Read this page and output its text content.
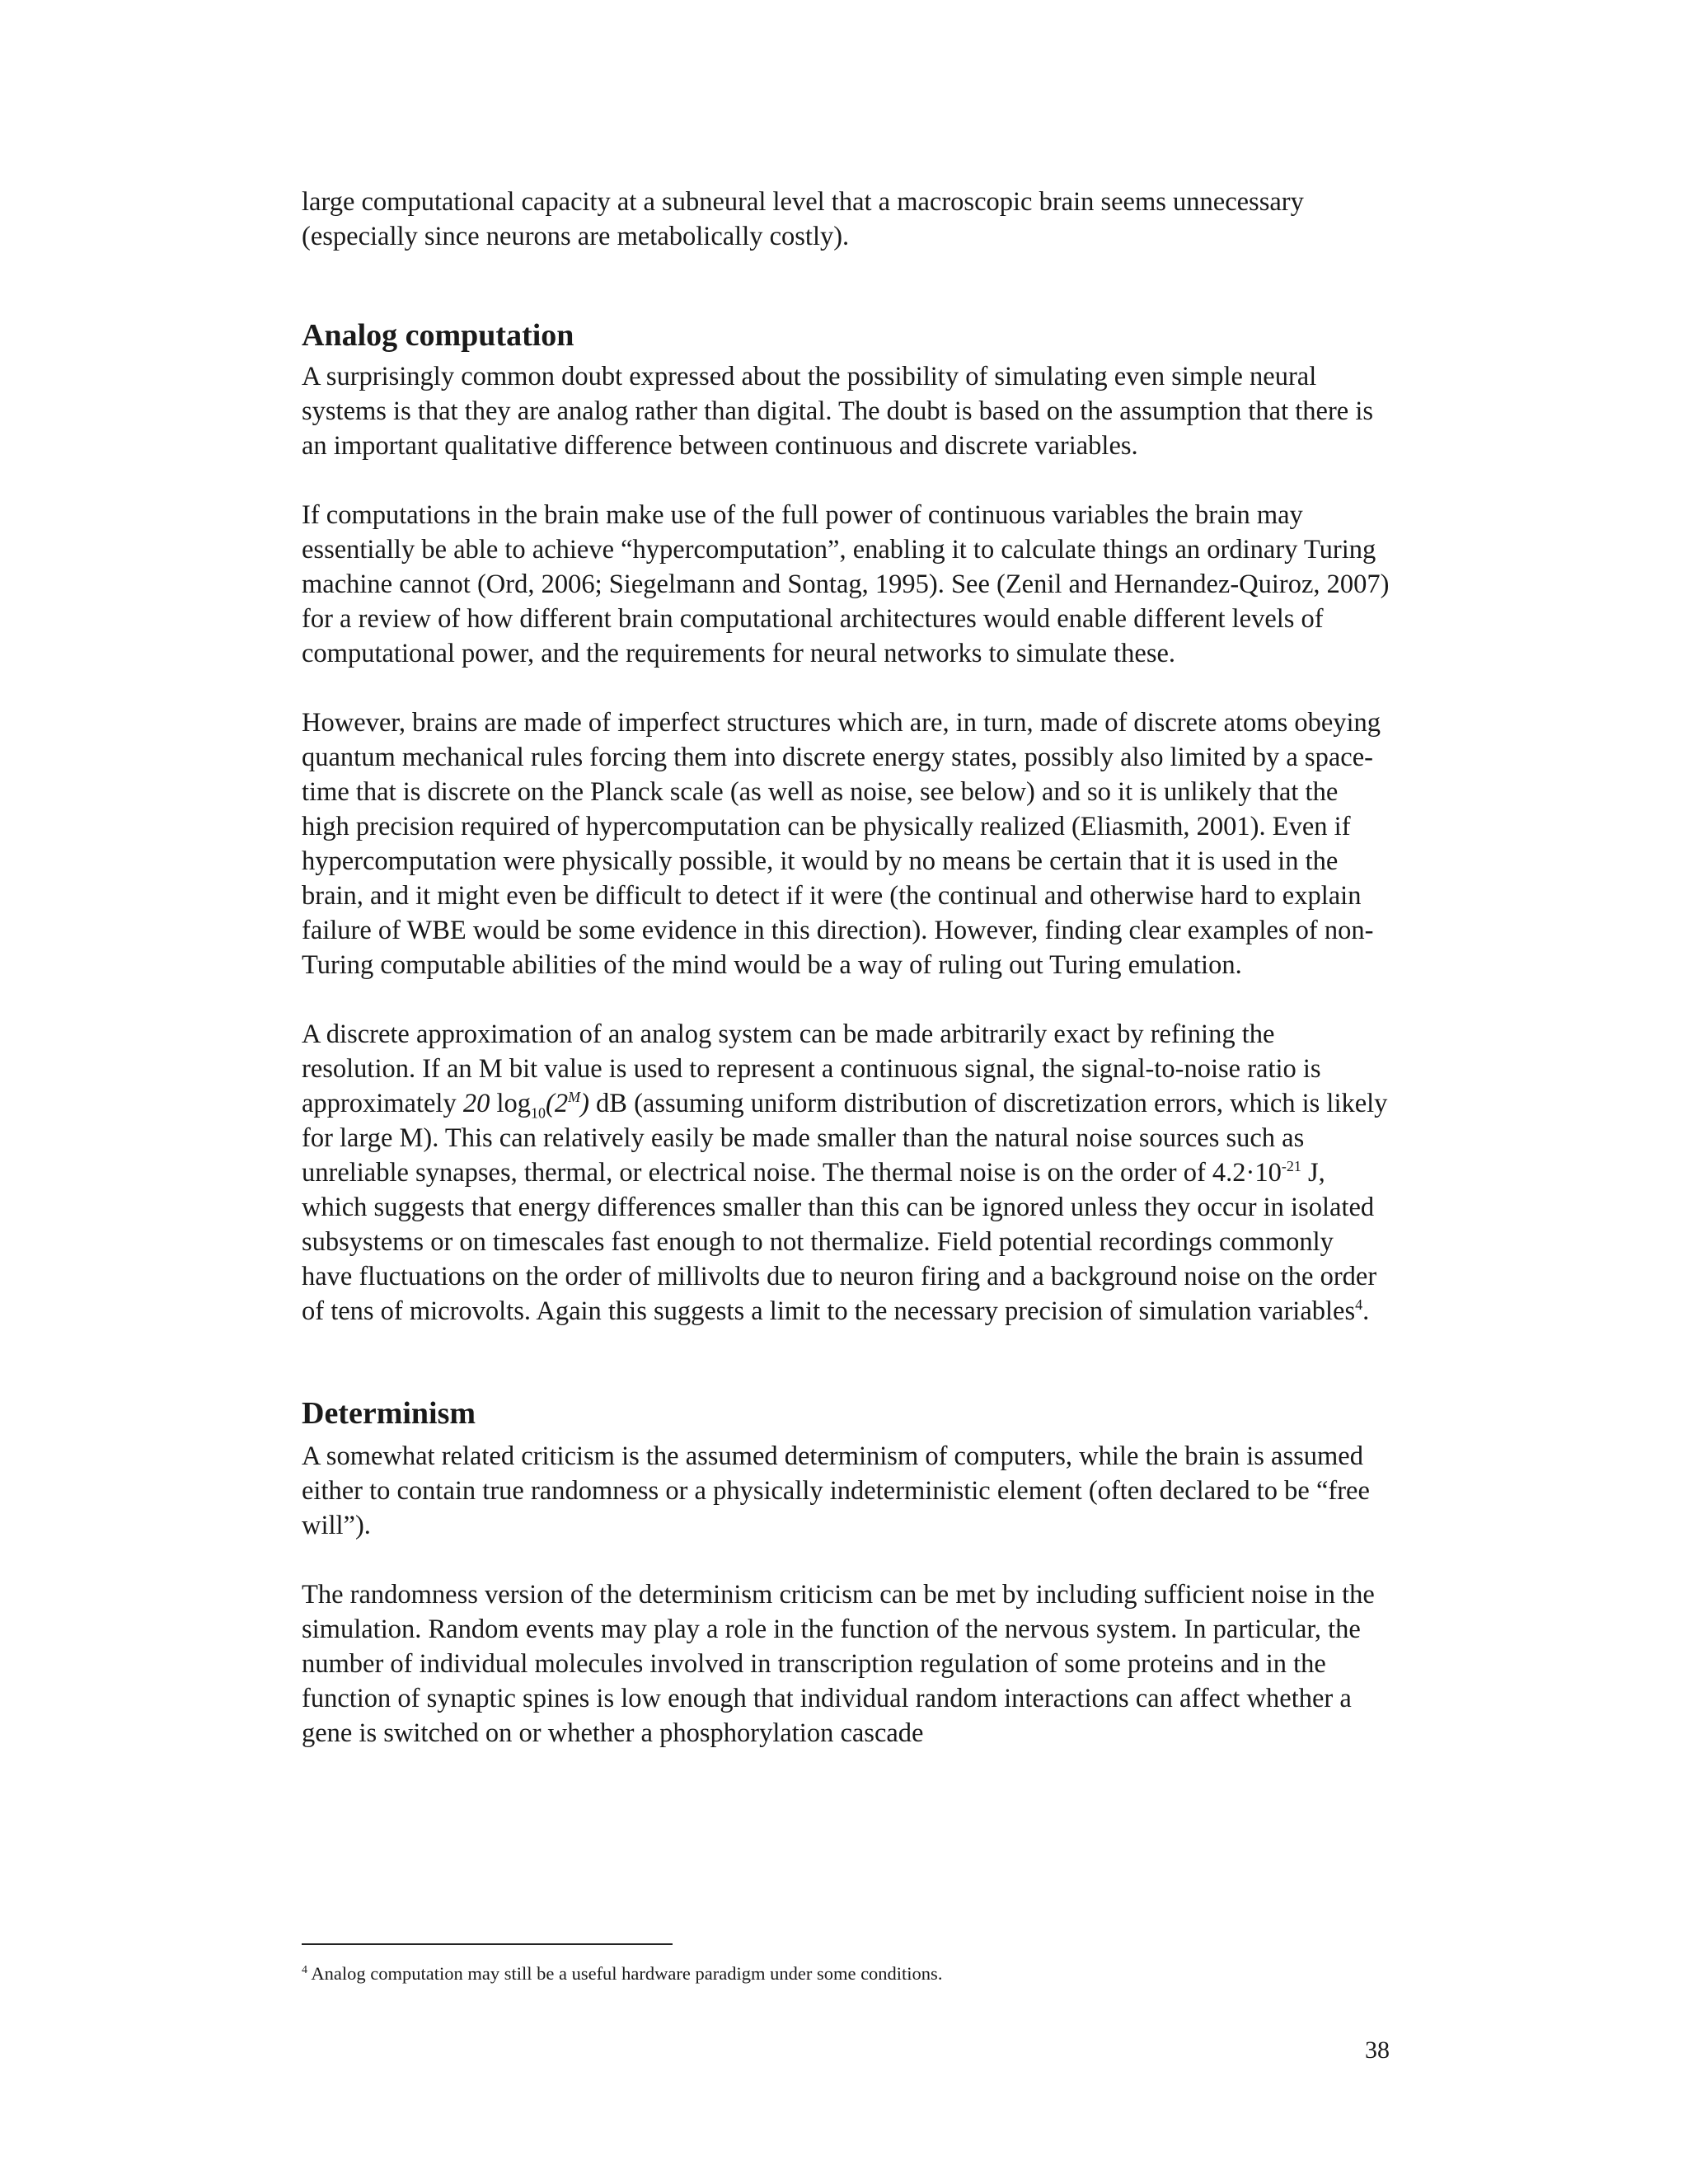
large computational capacity at a subneural level that a macroscopic brain seems unnecessary (especially since neurons are metabolically costly).

Analog computation

A surprisingly common doubt expressed about the possibility of simulating even simple neural systems is that they are analog rather than digital. The doubt is based on the assumption that there is an important qualitative difference between continuous and discrete variables.

If computations in the brain make use of the full power of continuous variables the brain may essentially be able to achieve “hypercomputation”, enabling it to calculate things an ordinary Turing machine cannot (Ord, 2006; Siegelmann and Sontag, 1995). See (Zenil and Hernandez-Quiroz, 2007) for a review of how different brain computational architectures would enable different levels of computational power, and the requirements for neural networks to simulate these.

However, brains are made of imperfect structures which are, in turn, made of discrete atoms obeying quantum mechanical rules forcing them into discrete energy states, possibly also limited by a space-time that is discrete on the Planck scale (as well as noise, see below) and so it is unlikely that the high precision required of hypercomputation can be physically realized (Eliasmith, 2001). Even if hypercomputation were physically possible, it would by no means be certain that it is used in the brain, and it might even be difficult to detect if it were (the continual and otherwise hard to explain failure of WBE would be some evidence in this direction). However, finding clear examples of non-Turing computable abilities of the mind would be a way of ruling out Turing emulation.

A discrete approximation of an analog system can be made arbitrarily exact by refining the resolution. If an M bit value is used to represent a continuous signal, the signal-to-noise ratio is approximately 20 $\log_{10}(2^M)$ dB (assuming uniform distribution of discretization errors, which is likely for large M). This can relatively easily be made smaller than the natural noise sources such as unreliable synapses, thermal, or electrical noise. The thermal noise is on the order of $4.2\cdot 10^{-21}$ J, which suggests that energy differences smaller than this can be ignored unless they occur in isolated subsystems or on timescales fast enough to not thermalize. Field potential recordings commonly have fluctuations on the order of millivolts due to neuron firing and a background noise on the order of tens of microvolts. Again this suggests a limit to the necessary precision of simulation variables$^4$.

Determinism

A somewhat related criticism is the assumed determinism of computers, while the brain is assumed either to contain true randomness or a physically indeterministic element (often declared to be “free will”).

The randomness version of the determinism criticism can be met by including sufficient noise in the simulation. Random events may play a role in the function of the nervous system. In particular, the number of individual molecules involved in transcription regulation of some proteins and in the function of synaptic spines is low enough that individual random interactions can affect whether a gene is switched on or whether a phosphorylation cascade

$^4$ Analog computation may still be a useful hardware paradigm under some conditions.
38
